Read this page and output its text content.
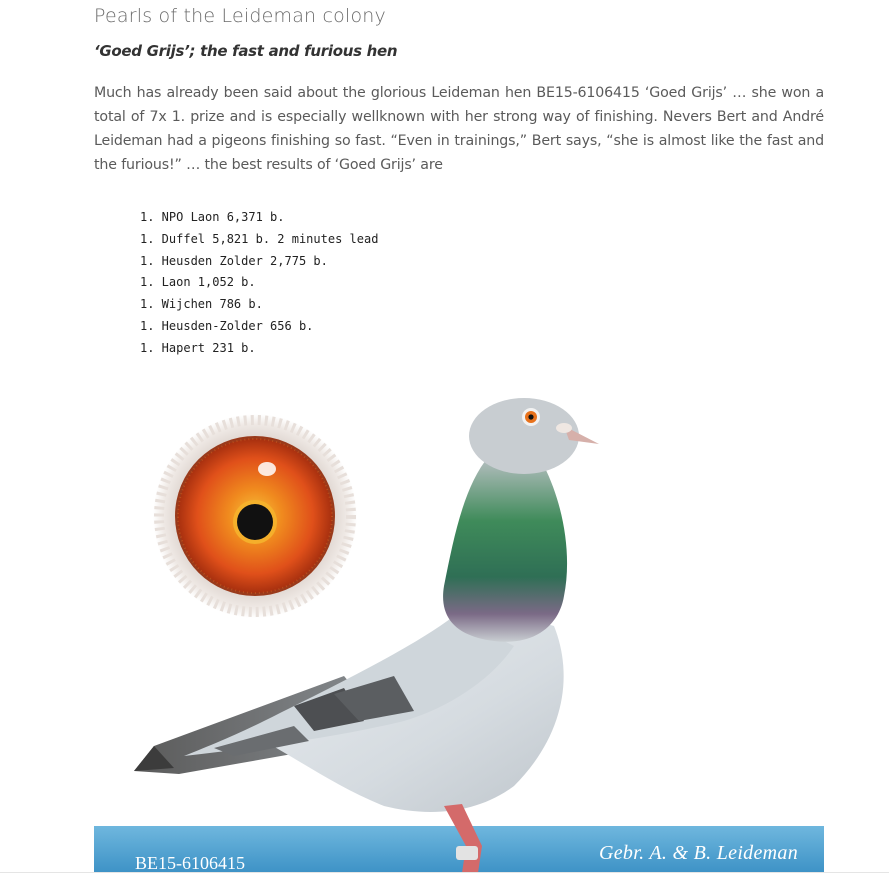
Pearls of the Leideman colony
‘Goed Grijs’; the fast and furious hen

Much has already been said about the glorious Leideman hen BE15-6106415 ‘Goed Grijs’ … she won a total of 7x 1. prize and is especially wellknown with her strong way of finishing. Nevers Bert and André Leideman had a pigeons finishing so fast. “Even in trainings,” Bert says, “she is almost like the fast and the furious!” … the best results of ‘Goed Grijs’ are

1. NPO Laon 6,371 b.
1. Duffel 5,821 b. 2 minutes lead
1. Heusden Zolder 2,775 b.
1. Laon 1,052 b.
1. Wijchen 786 b.
1. Heusden-Zolder 656 b.
1. Hapert 231 b.
BE15-6106415	Gebr. A. & B. Leideman
